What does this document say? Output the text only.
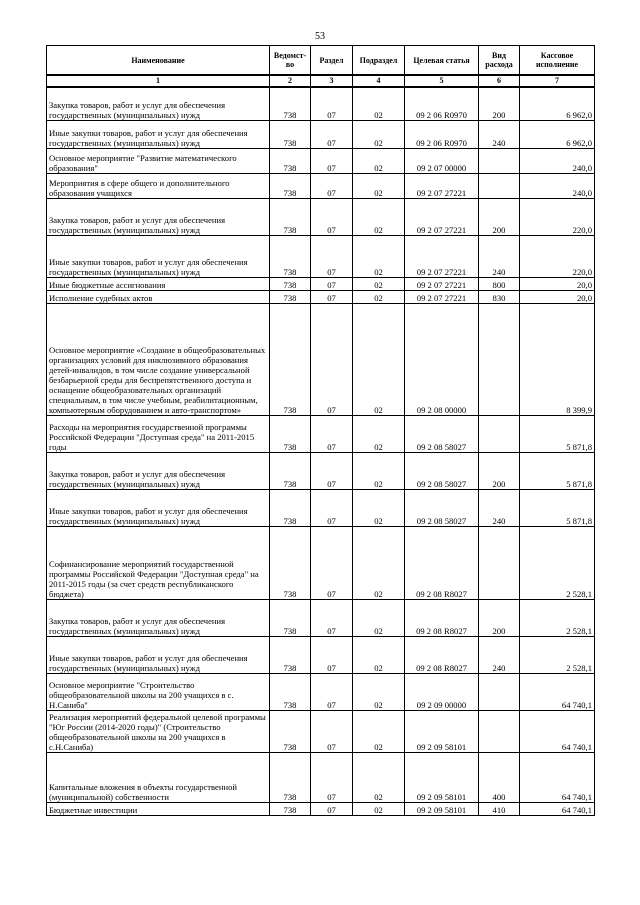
53
Наименование	Ведомст-во	Раздел	Подраздел	Целевая статья	Вид расхода	Кассовое исполнение
1	2	3	4	5	6	7
Закупка товаров, работ и услуг для обеспечения государственных (муниципальных) нужд	738	07	02	09 2 06 R0970	200	6 962,0
Иные закупки товаров, работ и услуг для обеспечения государственных (муниципальных) нужд	738	07	02	09 2 06 R0970	240	6 962,0
Основное мероприятие "Развитие математического образования"	738	07	02	09 2 07 00000		240,0
Мероприятия в сфере общего и дополнительного образования учащихся	738	07	02	09 2 07 27221		240,0
Закупка товаров, работ и услуг для обеспечения государственных (муниципальных) нужд	738	07	02	09 2 07 27221	200	220,0
Иные закупки товаров, работ и услуг для обеспечения государственных (муниципальных) нужд	738	07	02	09 2 07 27221	240	220,0
Иные бюджетные ассигнования	738	07	02	09 2 07 27221	800	20,0
Исполнение судебных актов	738	07	02	09 2 07 27221	830	20,0
Основное мероприятие «Создание в общеобразовательных организациях условий для инклюзивного образования детей-инвалидов, в том числе создание универсальной безбарьерной среды для беспрепятственного доступа и оснащение общеобразовательных организаций специальным, в том числе учебным, реабилитационным, компьютерным оборудованием и авто-транспортом»	738	07	02	09 2 08 00000		8 399,9
Расходы на мероприятия государственной программы Российской Федерации "Доступная среда" на 2011-2015 годы	738	07	02	09 2 08 58027		5 871,8
Закупка товаров, работ и услуг для обеспечения государственных (муниципальных) нужд	738	07	02	09 2 08 58027	200	5 871,8
Иные закупки товаров, работ и услуг для обеспечения государственных (муниципальных) нужд	738	07	02	09 2 08 58027	240	5 871,8
Софинансирование мероприятий государственной программы Российской Федерации "Доступная среда" на 2011-2015 годы (за счет средств республиканского бюджета)	738	07	02	09 2 08 R8027		2 528,1
Закупка товаров, работ и услуг для обеспечения государственных (муниципальных) нужд	738	07	02	09 2 08 R8027	200	2 528,1
Иные закупки товаров, работ и услуг для обеспечения государственных (муниципальных) нужд	738	07	02	09 2 08 R8027	240	2 528,1
Основное мероприятие "Строительство общеобразовательной школы на 200 учащихся в с. Н.Саниба"	738	07	02	09 2 09 00000		64 740,1
Реализация мероприятий федеральной целевой программы "Юг России (2014-2020 годы)" (Строительство общеобразовательной школы на 200 учащихся в с.Н.Саниба)	738	07	02	09 2 09 58101		64 740,1
Капитальные вложения в объекты государственной (муниципальной) собственности	738	07	02	09 2 09 58101	400	64 740,1
Бюджетные инвестиции	738	07	02	09 2 09 58101	410	64 740,1
